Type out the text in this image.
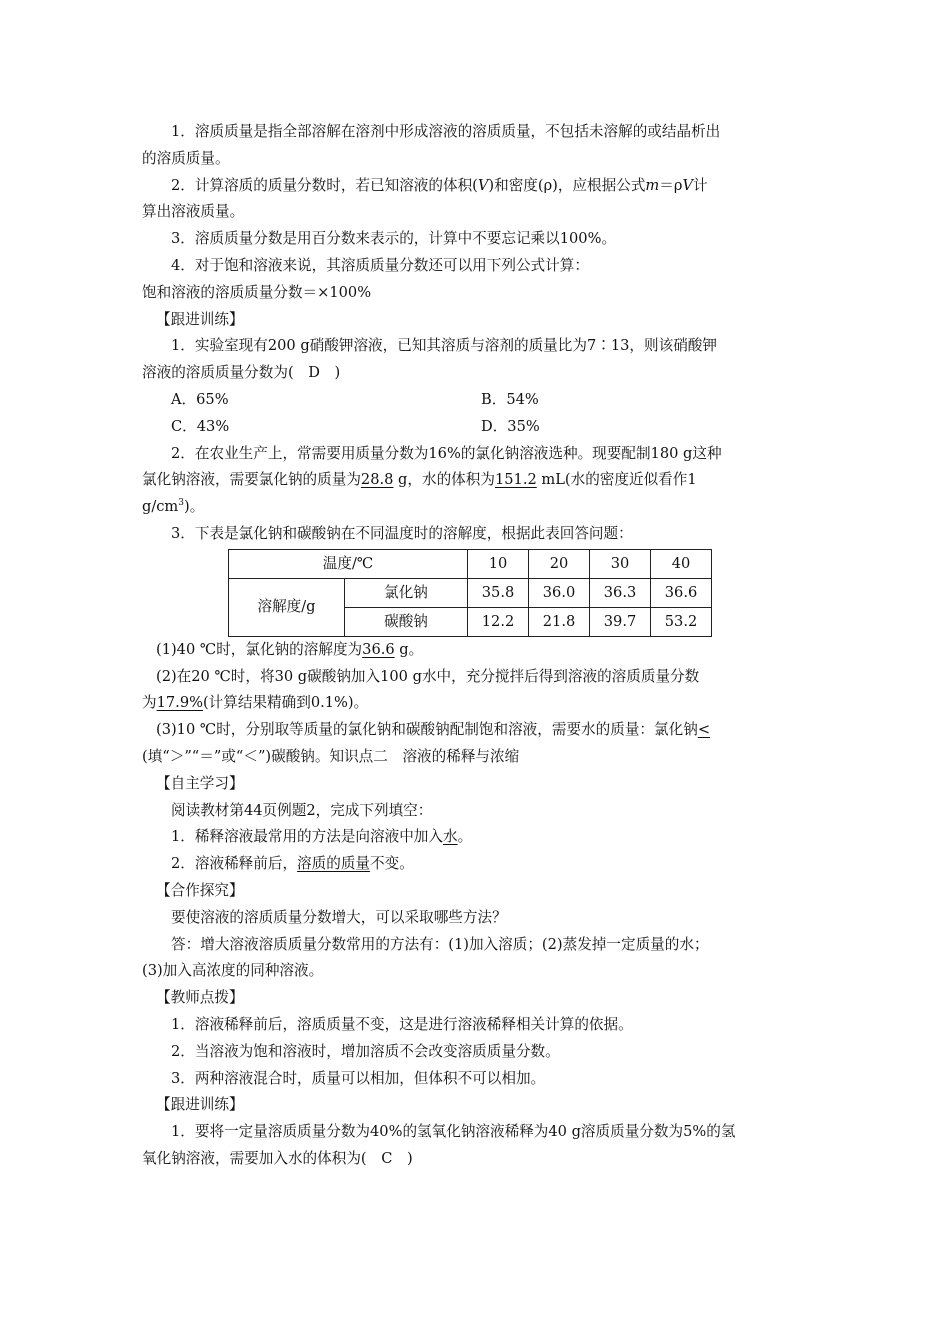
1．溶质质量是指全部溶解在溶剂中形成溶液的溶质质量，不包括未溶解的或结晶析出

的溶质质量。

2．计算溶质的质量分数时，若已知溶液的体积(V)和密度(ρ)，应根据公式m＝ρV计

算出溶液质量。

3．溶质质量分数是用百分数来表示的，计算中不要忘记乘以100%。

4．对于饱和溶液来说，其溶质质量分数还可以用下列公式计算：

饱和溶液的溶质质量分数＝×100%

【跟进训练】

1．实验室现有200 g硝酸钾溶液，已知其溶质与溶剂的质量比为7∶13，则该硝酸钾

溶液的溶质质量分数为(　D　)

A．65%	B．54%
C．43%	D．35%

2．在农业生产上，常需要用质量分数为16%的氯化钠溶液选种。现要配制180 g这种

氯化钠溶液，需要氯化钠的质量为28.8 g，水的体积为151.2 mL(水的密度近似看作1

$g/cm^3$)。

3．下表是氯化钠和碳酸钠在不同温度时的溶解度，根据此表回答问题：

温度/℃		10	20	30	40
溶解度/g	氯化钠	35.8	36.0	36.3	36.6
	碳酸钠	12.2	21.8	39.7	53.2

(1)40 ℃时，氯化钠的溶解度为36.6 g。

(2)在20 ℃时，将30 g碳酸钠加入100 g水中，充分搅拌后得到溶液的溶质质量分数

为17.9%(计算结果精确到0.1%)。

(3)10 ℃时，分别取等质量的氯化钠和碳酸钠配制饱和溶液，需要水的质量：氯化钠<

(填“＞”“＝”或“＜”)碳酸钠。知识点二　溶液的稀释与浓缩

【自主学习】

阅读教材第44页例题2，完成下列填空：

1．稀释溶液最常用的方法是向溶液中加入水。

2．溶液稀释前后，溶质的质量不变。

【合作探究】

要使溶液的溶质质量分数增大，可以采取哪些方法？

答：增大溶液溶质质量分数常用的方法有：(1)加入溶质；(2)蒸发掉一定质量的水；

(3)加入高浓度的同种溶液。

【教师点拨】

1．溶液稀释前后，溶质质量不变，这是进行溶液稀释相关计算的依据。

2．当溶液为饱和溶液时，增加溶质不会改变溶质质量分数。

3．两种溶液混合时，质量可以相加，但体积不可以相加。

【跟进训练】

1．要将一定量溶质质量分数为40%的氢氧化钠溶液稀释为40 g溶质质量分数为5%的氢

氧化钠溶液，需要加入水的体积为(　C　)
